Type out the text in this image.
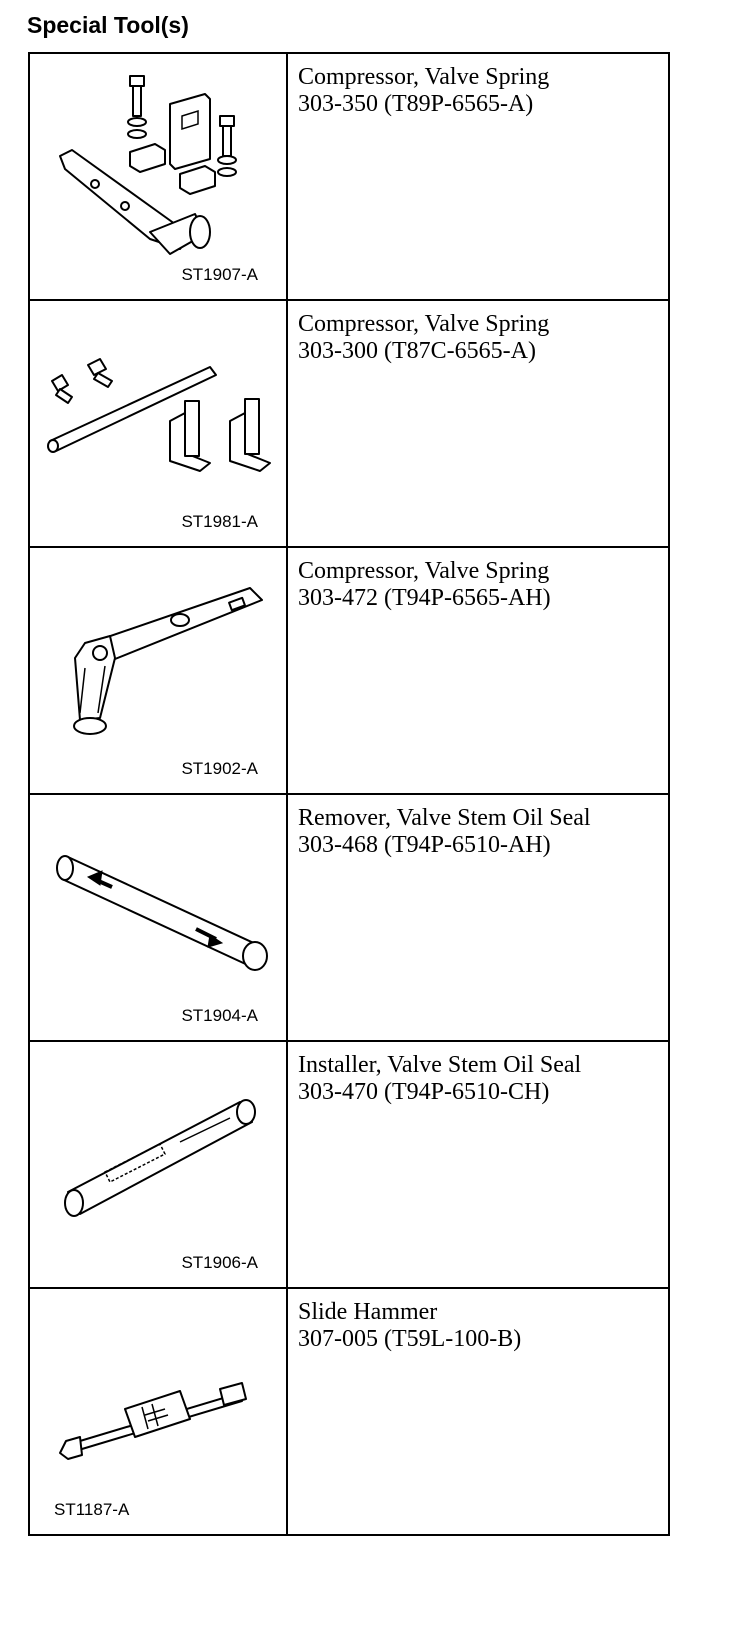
Special Tool(s)
ST1907-A	Compressor, Valve Spring
303-350 (T89P-6565-A)

ST1981-A	Compressor, Valve Spring
303-300 (T87C-6565-A)

ST1902-A	Compressor, Valve Spring
303-472 (T94P-6565-AH)

ST1904-A	Remover, Valve Stem Oil Seal
303-468 (T94P-6510-AH)

ST1906-A	Installer, Valve Stem Oil Seal
303-470 (T94P-6510-CH)

ST1187-A	Slide Hammer
307-005 (T59L-100-B)
